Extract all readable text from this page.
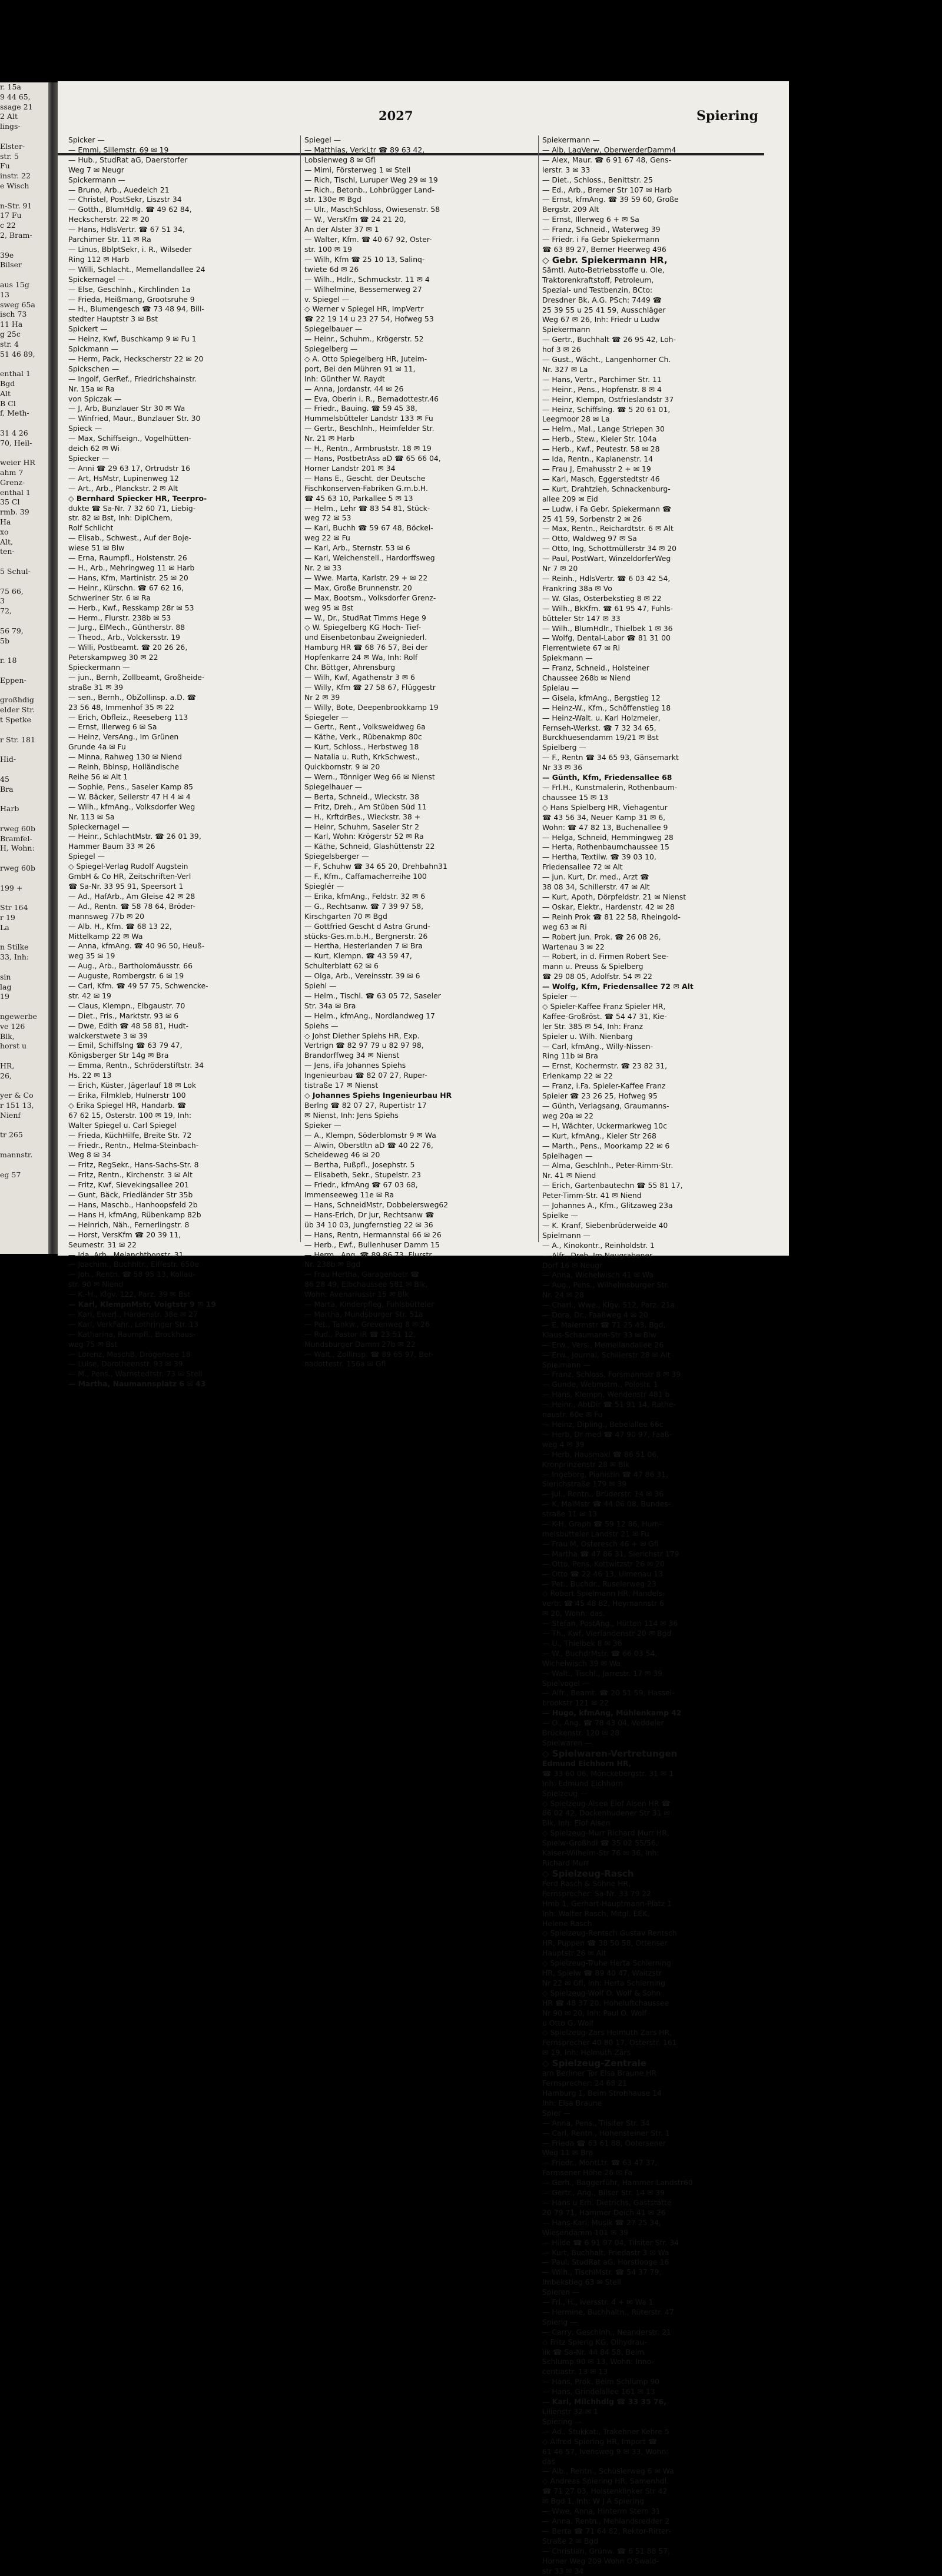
r. 15a
9 44 65,
ssage 21
2 Alt
lings-

Elster-
str. 5
Fu
instr. 22
e Wisch

n-Str. 91
17 Fu
c 22
2, Bram-

39e
Bilser

aus 15g
13
sweg 65a
isch 73
11 Ha
g 25c
str. 4
51 46 89,

enthal 1
Bgd
Alt
B Cl
f, Meth-

31 4 26
70, Heil-

weier HR
ahm 7
Grenz-
enthal 1
35 Cl
rmb. 39
Ha
xo
Alt,
ten-

5 Schul-

75 66,
3
72,

56 79,
5b

r. 18

Eppen-

großhdig
elder Str.
t Spetke

r Str. 181

Hid-

45
Bra

Harb

rweg 60b
Bramfel-
H, Wohn:

rweg 60b

199 +

Str 164
r 19
La

n Stilke
33, Inh:

sin
lag
19

ngewerbe
ve 126
Blk,
horst u

HR,
26,

yer & Co
r 151 13,
Nienf

tr 265

mannstr.

eg 57
2027	Spiering
Spicker —
— Emmi, Sillemstr. 69 ✉ 19
— Hub., StudRat aG, Daerstorfer
Weg 7 ✉ Neugr
Spickermann —
— Bruno, Arb., Auedeich 21
— Christel, PostSekr, Liszstr 34
— Gotth., BlumHdlg. ☎ 49 62 84,
Heckscherstr. 22 ✉ 20
— Hans, HdlsVertr. ☎ 67 51 34,
Parchimer Str. 11 ✉ Ra
— Linus, BblptSekr, i. R., Wilseder
Ring 112 ✉ Harb
— Willi, Schlacht., Memellandallee 24
Spickernagel —
— Else, Geschlnh., Kirchlinden 1a
— Frieda, Heißmang, Grootsruhe 9
— H., Blumengesch ☎ 73 48 94, Bill-
stedter Hauptstr 3 ✉ Bst
Spickert —
— Heinz, Kwf, Buschkamp 9 ✉ Fu 1
Spickmann —
— Herm, Pack, Heckscherstr 22 ✉ 20
Spickschen —
— Ingolf, GerRef., Friedrichshainstr.
Nr. 15a ✉ Ra
von Spiczak —
— J, Arb, Bunzlauer Str 30 ✉ Wa
— Winfried, Maur., Bunzlauer Str. 30
Spieck —
— Max, Schiffseign., Vogelhütten-
deich 62 ✉ Wi
Spiecker —
— Anni ☎ 29 63 17, Ortrudstr 16
— Art, HsMstr, Lupinenweg 12
— Art., Arb., Planckstr. 2 ✉ Alt
◇ Bernhard Spiecker HR, Teerpro-
dukte ☎ Sa-Nr. 7 32 60 71, Liebig-
str. 82 ✉ Bst, Inh: DiplChem,
Rolf Schlicht
— Elisab., Schwest., Auf der Boje-
wiese 51 ✉ Blw
— Erna, Raumpfl., Holstenstr. 26
— H., Arb., Mehringweg 11 ✉ Harb
— Hans, Kfm, Martinistr. 25 ✉ 20
— Heinr., Kürschn. ☎ 67 62 16,
Schweriner Str. 6 ✉ Ra
— Herb., Kwf., Resskamp 28r ✉ 53
— Herm., Flurstr. 238b ✉ 53
— Jurg., ElMech., Güntherstr. 88
— Theod., Arb., Volckersstr. 19
— Willi, Postbeamt. ☎ 20 26 26,
Peterskampweg 30 ✉ 22
Spieckermann —
— jun., Bernh, Zollbeamt, Großheide-
straße 31 ✉ 39
— sen., Bernh., ObZollinsp. a.D. ☎
23 56 48, Immenhof 35 ✉ 22
— Erich, Obfleiz., Reeseberg 113
— Ernst, Illerweg 6 ✉ Sa
— Heinz, VersAng., Im Grünen
Grunde 4a ✉ Fu
— Minna, Rahweg 130 ✉ Niend
— Reinh, Bblnsp, Holländische
Reihe 56 ✉ Alt 1
— Sophie, Pens., Saseler Kamp 85
— W. Bäcker, Seilerstr 47 H 4 ✉ 4
— Wilh., kfmAng., Volksdorfer Weg
Nr. 113 ✉ Sa
Spieckernagel —
— Heinr., SchlachtMstr. ☎ 26 01 39,
Hammer Baum 33 ✉ 26
Spiegel —
◇ Spiegel-Verlag Rudolf Augstein
GmbH & Co HR, Zeitschriften-Verl
☎ Sa-Nr. 33 95 91, Speersort 1
— Ad., HafArb., Am Gleise 42 ✉ 28
— Ad., Rentn. ☎ 58 78 64, Bröder-
mannsweg 77b ✉ 20
— Alb. H., Kfm. ☎ 68 13 22,
Mittelkamp 22 ✉ Wa
— Anna, kfmAng. ☎ 40 96 50, Heuß-
weg 35 ✉ 19
— Aug., Arb., Bartholomäusstr. 66
— Auguste, Rombergstr. 6 ✉ 19
— Carl, Kfm. ☎ 49 57 75, Schwencke-
str. 42 ✉ 19
— Claus, Klempn., Elbgaustr. 70
— Diet., Fris., Marktstr. 93 ✉ 6
— Dwe, Edith ☎ 48 58 81, Hudt-
walckerstwete 3 ✉ 39
— Emil, Schiffslng ☎ 63 79 47,
Königsberger Str 14g ✉ Bra
— Emma, Rentn., Schröderstiftstr. 34
Hs. 22 ✉ 13
— Erich, Küster, Jägerlauf 18 ✉ Lok
— Erika, Filmkleb, Hulnerstr 100
◇ Erika Spiegel HR, Handarb. ☎
67 62 15, Osterstr. 100 ✉ 19, Inh:
Walter Spiegel u. Carl Spiegel
— Frieda, KüchHilfe, Breite Str. 72
— Friedr., Rentn., Helma-Steinbach-
Weg 8 ✉ 34
— Fritz, RegSekr., Hans-Sachs-Str. 8
— Fritz, Rentn., Kirchenstr. 3 ✉ Alt
— Fritz, Kwf, Sievekingsallee 201
— Gunt, Bäck, Friedländer Str 35b
— Hans, Maschb., Hanhoopsfeld 2b
— Hans H, kfmAng, Rübenkamp 82b
— Heinrich, Näh., Fernerlingstr. 8
— Horst, VersKfm ☎ 20 39 11,
Seumestr. 31 ✉ 22
— Ida, Arb., Melanchthonstr. 31
— Joachim., Buchhltr., Eiffestr. 650e
— Joh., Rentn. ☎ 58 95 13, Kollau-
str. 90 ✉ Niend
— K.-H., Klgv. 122, Parz. 39 ✉ Bst
— Karl, KlempnMstr, Voigtstr 9 ✉ 19
— Karl, Ewerl., Hardenstr. 38e ✉ 27
— Karl, VerkFahr., Lothringer Str. 13
— Katharina, Raumpfl., Brockhaus-
weg 75 ✉ Bst
— Lorenz, MaschB, Drögensee 18
— Luise, Dorotheenstr. 93 ✉ 39
— M., Pens., Warnstedtstr. 73 ✉ Stell
— Martha, Naumannsplatz 6 ✉ 43
Spiegel —
— Matthias, VerkLtr ☎ 89 63 42,
Lobsienweg 8 ✉ Gfl
— Mimi, Försterweg 1 ✉ Stell
— Rich, Tischl, Luruper Weg 29 ✉ 19
— Rich., Betonb., Lohbrügger Land-
str. 130e ✉ Bgd
— Ulr., MaschSchloss, Owiesenstr. 58
— W., VersKfm ☎ 24 21 20,
An der Alster 37 ✉ 1
— Walter, Kfm. ☎ 40 67 92, Oster-
str. 100 ✉ 19
— Wilh, Kfm ☎ 25 10 13, Salinq-
twiete 6d ✉ 26
— Wilh., Hdlr., Schmuckstr. 11 ✉ 4
— Wilhelmine, Bessemerweg 27
v. Spiegel —
◇ Werner v Spiegel HR, ImpVertr
☎ 22 19 14 u 23 27 54, Hofweg 53
Spiegelbauer —
— Heinr., Schuhm., Krögerstr. 52
Spiegelberg —
◇ A. Otto Spiegelberg HR, Juteim-
port, Bei den Mühren 91 ✉ 11,
Inh: Günther W. Raydt
— Anna, Jordanstr. 44 ✉ 26
— Eva, Oberin i. R., Bernadottestr.46
— Friedr., Bauing. ☎ 59 45 38,
Hummelsbütteler Landstr 133 ✉ Fu
— Gertr., Beschlnh., Heimfelder Str.
Nr. 21 ✉ Harb
— H., Rentn., Armbruststr. 18 ✉ 19
— Hans, PostbetrAss aD ☎ 65 66 04,
Horner Landstr 201 ✉ 34
— Hans E., Gescht. der Deutsche
Fischkonserven-Fabriken G.m.b.H.
☎ 45 63 10, Parkallee 5 ✉ 13
— Helm., Lehr ☎ 83 54 81, Stück-
weg 72 ✉ 53
— Karl, Buchh ☎ 59 67 48, Böckel-
weg 22 ✉ Fu
— Karl, Arb., Sternstr. 53 ✉ 6
— Karl, Weichenstell., Hardorffsweg
Nr. 2 ✉ 33
— Wwe. Marta, Karlstr. 29 + ✉ 22
— Max, Große Brunnenstr. 20
— Max, Bootsm., Volksdorfer Grenz-
weg 95 ✉ Bst
— W., Dr., StudRat Timms Hege 9
◇ W. Spiegelberg KG Hoch- Tief-
und Eisenbetonbau Zweigniederl.
Hamburg HR ☎ 68 76 57, Bei der
Hopfenkarre 24 ✉ Wa, Inh: Rolf
Chr. Böttger, Ahrensburg
— Wilh, Kwf, Agathenstr 3 ✉ 6
— Willy, Kfm ☎ 27 58 67, Flüggestr
Nr 2 ✉ 39
— Willy, Bote, Deepenbrookkamp 19
Spiegeler —
— Gertr., Rent., Volksweidweg 6a
— Käthe, Verk., Rübenakmp 80c
— Kurt, Schloss., Herbstweg 18
— Natalia u. Ruth, KrkSchwest.,
Quickbornstr. 9 ✉ 20
— Wern., Tönniger Weg 66 ✉ Nienst
Spiegelhauer —
— Berta, Schneid., Wieckstr. 38
— Fritz, Dreh., Am Stüben Süd 11
— H., KrftdrBes., Wieckstr. 38 +
— Heinr, Schuhm, Saseler Str 2
— Karl, Wohn: Krögerstr 52 ✉ Ra
— Käthe, Schneid, Glashüttenstr 22
Spiegelsberger —
— F, Schuhw ☎ 34 65 20, Drehbahn31
— F., Kfm., Caffamacherreihe 100
Spieglér —
— Erika, kfmAng., Feldstr. 32 ✉ 6
— G., Rechtsanw. ☎ 7 39 97 58,
Kirschgarten 70 ✉ Bgd
— Gottfried Gescht d Astra Grund-
stücks-Ges.m.b.H., Bergnerstr. 26
— Hertha, Hesterlanden 7 ✉ Bra
— Kurt, Klempn. ☎ 43 59 47,
Schulterblatt 62 ✉ 6
— Olga, Arb., Vereinsstr. 39 ✉ 6
Spiehl —
— Helm., Tischl. ☎ 63 05 72, Saseler
Str. 34a ✉ Bra
— Helm., kfmAng., Nordlandweg 17
Spiehs —
◇ Johst Diether Spiehs HR, Exp.
Vertrign ☎ 82 97 79 u 82 97 98,
Brandorffweg 34 ✉ Nienst
— Jens, iFa Johannes Spiehs
Ingenieurbau ☎ 82 07 27, Ruper-
tistraße 17 ✉ Nienst
◇ Johannes Spiehs Ingenieurbau HR
Berlng ☎ 82 07 27, Rupertistr 17
✉ Nienst, Inh: Jens Spiehs
Spieker —
— A., Klempn, Söderblomstr 9 ✉ Wa
— Alwin, Oberstltn aD ☎ 40 22 76,
Scheideweg 46 ✉ 20
— Bertha, Fußpfl., Josephstr. 5
— Elisabeth, Sekr., Stupelstr. 23
— Friedr., kfmAng ☎ 67 03 68,
Immenseeweg 11e ✉ Ra
— Hans, SchneidMstr, Dobbelersweg62
— Hans-Erich, Dr jur, Rechtsanw ☎
üb 34 10 03, Jungfernstieg 22 ✉ 36
— Hans, Rentn, Hermannstal 66 ✉ 26
— Herb., Ewf., Bullenhuser Damm 15
— Herm., Ang. ☎ 89 86 73, Flurstr.
Nr. 238b ✉ Bgd
— Frau Hertha, Garagenbetr ☎
86 28 49, Elbchaussee 581 ✉ Blk,
Wohn: Avenariusstr 15 ✉ Blk
— Marta, Kinderpfleg, Fuhlsbütteler
— Martha, Mundsburger Str. 51a
— Pet., Tankw., Grevenweg 8 ✉ 26
— Rud., Pastor iR ☎ 23 51 12,
Mundsburger Damm 27b ✉ 22
— Walt., Zollinsp. ☎ 89 65 97, Ber-
nadottestr. 156a ✉ Gfl
Spiekermann —
— Alb, LagVerw, OberwerderDamm4
— Alex, Maur. ☎ 6 91 67 48, Gens-
lerstr. 3 ✉ 33
— Diet., Schloss., Benittstr. 25
— Ed., Arb., Bremer Str 107 ✉ Harb
— Ernst, kfmAng. ☎ 39 59 60, Große
Bergstr. 209 Alt
— Ernst, Illerweg 6 + ✉ Sa
— Franz, Schneid., Waterweg 39
— Friedr. i Fa Gebr Spiekermann
☎ 63 89 27, Berner Heerweg 496
◇ Gebr. Spiekermann HR,
Sämtl. Auto-Betriebsstoffe u. Ole,
Traktorenkraftstoff, Petroleum,
Spezial- und Testbenzin, BCto:
Dresdner Bk. A.G. PSch: 7449 ☎
25 39 55 u 25 41 59, Ausschläger
Weg 67 ✉ 26, Inh: Friedr u Ludw
Spiekermann
— Gertr., Buchhalt ☎ 26 95 42, Loh-
hof 3 ✉ 26
— Gust., Wächt., Langenhorner Ch.
Nr. 327 ✉ La
— Hans, Vertr., Parchimer Str. 11
— Heinr., Pens., Hopfenstr. 8 ✉ 4
— Heinr, Klempn, Ostfrieslandstr 37
— Heinz, Schiffslng. ☎ 5 20 61 01,
Leegmoor 28 ✉ La
— Helm., Mal., Lange Striepen 30
— Herb., Stew., Kieler Str. 104a
— Herb., Kwf., Peutestr. 58 ✉ 28
— Ida, Rentn., Kaplanenstr. 14
— Frau J, Emahusstr 2 + ✉ 19
— Karl, Masch, Eggerstedtstr 46
— Kurt, Drahtzieh, Schnackenburg-
allee 209 ✉ Eid
— Ludw, i Fa Gebr. Spiekermann ☎
25 41 59, Sorbenstr 2 ✉ 26
— Max, Rentn., Reichardtstr. 6 ✉ Alt
— Otto, Waldweg 97 ✉ Sa
— Otto, Ing, Schottmüllerstr 34 ✉ 20
— Paul, PostWart, WinzeldorferWeg
Nr 7 ✉ 20
— Reinh., HdlsVertr. ☎ 6 03 42 54,
Frankring 38a ✉ Vo
— W. Glas, Osterbekstieg 8 ✉ 22
— Wilh., BkKfm. ☎ 61 95 47, Fuhls-
bütteler Str 147 ✉ 33
— Wilh., BlumHdlr., Thielbek 1 ✉ 36
— Wolfg, Dental-Labor ☎ 81 31 00
Flerrentwiete 67 ✉ Ri
Spiekmann —
— Franz, Schneid., Holsteiner
Chaussee 268b ✉ Niend
Spielau —
— Gisela, kfmAng., Bergstieg 12
— Heinz-W., Kfm., Schöffenstieg 18
— Heinz-Walt. u. Karl Holzmeier,
Fernseh-Werkst. ☎ 7 32 34 65,
Burckhuesendamm 19/21 ✉ Bst
Spielberg —
— F., Rentn ☎ 34 65 93, Gänsemarkt
Nr 33 ✉ 36
— Günth, Kfm, Friedensallee 68
— Frl.H., Kunstmalerin, Rothenbaum-
chaussee 15 ✉ 13
◇ Hans Spielberg HR, Viehagentur
☎ 43 56 34, Neuer Kamp 31 ✉ 6,
Wohn: ☎ 47 82 13, Buchenallee 9
— Helga, Schneid, Hemmingweg 28
— Herta, Rothenbaumchaussee 15
— Hertha, Textilw. ☎ 39 03 10,
Friedensallee 72 ✉ Alt
— jun. Kurt, Dr. med., Arzt ☎
38 08 34, Schillerstr. 47 ✉ Alt
— Kurt, Apoth, Dörpfeldstr. 21 ✉ Nienst
— Oskar, Elektr., Hardenstr. 42 ✉ 28
— Reinh Prok ☎ 81 22 58, Rheingold-
weg 63 ✉ Ri
— Robert jun. Prok. ☎ 26 08 26,
Wartenau 3 ✉ 22
— Robert, in d. Firmen Robert See-
mann u. Preuss & Spielberg
☎ 29 08 05, Adolfstr. 54 ✉ 22
— Wolfg, Kfm, Friedensallee 72 ✉ Alt
Spieler —
◇ Spieler-Kaffee Franz Spieler HR,
Kaffee-Großröst. ☎ 54 47 31, Kie-
ler Str. 385 ✉ 54, Inh: Franz
Spieler u. Wilh. Nienbarg
— Carl, kfmAng., Willy-Nissen-
Ring 11b ✉ Bra
— Ernst, Kochermstr. ☎ 23 82 31,
Erlenkamp 22 ✉ 22
— Franz, i.Fa. Spieler-Kaffee Franz
Spieler ☎ 23 26 25, Hofweg 95
— Günth, Verlagsang, Graumanns-
weg 20a ✉ 22
— H, Wächter, Uckermarkweg 10c
— Kurt, kfmAng., Kieler Str 268
— Marth., Pens., Moorkamp 22 ✉ 6
Spielhagen —
— Alma, Geschlnh., Peter-Rimm-Str.
Nr. 41 ✉ Niend
— Erich, Gartenbautechn ☎ 55 81 17,
Peter-Timm-Str. 41 ✉ Niend
— Johannes A., Kfm., Glitzaweg 23a
Spielke —
— K. Kranf, Siebenbrüderweide 40
Spielmann —
— A., Kinokontr., Reinholdstr. 1
— Alfr., Dreh, Im Neugrabener
Dorf 16 ✉ Neugr
— Anna, Wichelwisch 41 ✉ Wa
— Aug., Pens., Wilhelmsburger Str.
Nr. 24 ✉ 28
— Charl., Wwe., Klgv. 512, Parz. 21a
— Dora, Dr., Faaßweg 4 ✉ 20
— E, Malermstr ☎ 71 25 43, Bgd,
Klaus-Schaumann-Str 33 ✉ Blw
— Erw., Vers., Memellandallee 26
— Erw., Journal, Schillerstr 28 ✉ Alt
Spielmann —
— Franz, Schloss, Forsmannstr 8 ✉ 39
— Gunde, Webmstrn., Polostr. 1
— Hans, Klempn, Wendenstr 481 b
— Heinr., AbtDir ☎ 51 91 14, Rathe-
naustr. 60e ✉ Fu
— Heinz, Dipling., Bebelallee 66c
— Herb, Dr med ☎ 47 90 97, Faaß-
weg 4 ✉ 39
— Herb, Hausmakl ☎ 86 51 06,
Kronprinzenstr 28 ✉ Blk
— Ingeborg, Pianistin ☎ 47 86 31,
Sierichstraße 179 ✉ 39
— Jul., Rentn., Brüderstr. 14 ✉ 36
— K, MalMstr ☎ 44 06 08, Bundes-
straße 11 ✉ 13
— K-H, Graph ☎ 59 12 86, Hum-
melsbütteler Landstr 21 ✉ Fu
— Frau M, Osteresch 46 + ✉ Gfl
— Martha ☎ 47 86 31, Sierichstr 179
— Otto, Pens, Kottwitzstr 26 ✉ 20
— Otto ☎ 22 46 13, Ulmenau 13
— Pet., Buchdr., Ruselerweg 23
◇ Robert Spielmann HR, Handels-
vertr. ☎ 45 48 82, Heymannstr 6
✉ 20, Wohn: das.
— Stefan, PostAng., Hütten 114 ✉ 36
— Th., Kwf, Vierlandenstr 20 ✉ Bgd
— U., Thielbek 8 ✉ 36
— W., BuchdrMstr. ☎ 66 03 54,
Wichelwisch 39 ✉ Wa
— Walt., Tischl., Jarrestr. 17 ✉ 39
Spielvogel —
— Alfr., Beamt. ☎ 20 51 59, Hassel-
brookstr 121 ✉ 22
— Hugo, kfmAng, Mühlenkamp 42
— O., Ang. ☎ 78 43 04, Veddeler
Brückenstr. 120 ✉ 28
Spielwaren —
◇ Spielwaren-Vertretungen
Edmund Eichhorn HR,
☎ 33 60 06, Mönckebergstr. 31 ✉ 1
Inh: Edmund Eichhorn
Spielzeug —
◇ Spielzeug-Alsen Elof Alsen HR ☎
86 02 42, Dockenhudener Str 31 ✉
Blk, Inh: Elof Alsen
◇ Spielzeug-Murr Richard Murr HR,
Spielw-Großhdl ☎ 35 02 55/56,
Kaiser-Wilhelm-Str 76 ✉ 36, Inh:
Richard Murr
◇ Spielzeug-Rasch
Ferd Rasch & Söhne HR,
Fernsprecher: Sa-Nr. 33 79 22
Hmb 1, Gerhart-Hauptmann-Platz 1
Inh: Walter Rasch, Mitgl. EEK,
Helene Rasch
◇ Spielzeug-Rentsch Gustav Rentsch
HR, Puppen ☎ 38 50 58, Ottenser
Hauptstr 26 ✉ Alt
◇ Spielzeug-Truhe Herta Schierning
HR, Spielw ☎ 89 40 47, Waitzstr
Nr 22 ✉ Gfl, Inh: Herta Schierning
◇ Spielzeug-Wolf O. Wolf & Sohn
HR ☎ 48 37 20, Hoheluftchaussee
Nr 90 ✉ 20, Inh: Paul O. Wolf
u Otto G. Wolf
◇ Spielzeug-Zars Helmuth Zars HR,
Fernsprecher 40 80 17, Osterstr. 161
✉ 19, Inh: Helmuth Zars
◇ Spielzeug-Zentrale
am Berliner Tor Elsa Braune HR
Fernsprecher: 24 68 21
Hamburg 1, Beim Strohhause 14
Inh: Elsa Braune
Spier —
— Anna, Pens., Tilsiter Str. 34
— Carl, Rentn., Hohensteiner Str. 1
— Frieda ☎ 63 61 88, Ootersener
Weg 11 ✉ Bra
— Friedr., MontLtr. ☎ 63 47 37,
Farmsener Höhe 26 ✉ Fa
— Gerh., Baggerführ, Hammer Landstr60
— Gertr., Ang., Bilser Str. 14 ✉ 39
— Hans u Erh. Dietrichs, Gaststätte
20 79 71, Hammer Deich 41 ✉ 26
— Hans-Karl, Musik ☎ 27 25 34,
Wiesendamm 101 ✉ 39
— Hilde ☎ 6 91 97 04, Tilsiter Str. 34
— Kurt, Buchhalt, Friedastr 3 ✉ Wa
— Paul, StudRat aG, Horstlooge 16
— Wilh., TischlMstr. ☎ 54 37 79,
Imbekstieg 63 ✉ Stell
Spieren —
— Frl., H., Iversstr. 4 + ✉ Wa 1
— Hermine, Buchhaltn., Rüterstr. 47
Spierig —
— Carry, Geschlnh., Neanderstr. 21
◇ Fritz Spierig KG, Olhydrau-
lik ☎ Sa-Nr. 44 84 58, Beim
Schlump 90 ✉ 13, Wohn: Inno-
centiastr. 13 ✉ 13
— Hans, Prok. Beim Schlump 90
— Hans, Grindelallee 161 ✉ 13
— Karl, Milchhdlg ☎ 33 35 76,
Lilienstr 32 ✉ 1
Spiering —
— Ad., Stukkat., Trakehner Kehre 5
◇ Alfred Spiering HR, Import ☎
61 46 57, Ivensweg 9 ✉ 33, Wohn:
das
— Alb., Rentn., Schüslerweg 6 ✉ Wa
◇ Andreas Spiering HR, Samenhdl.
☎ 71 27 03, Holstenklinker Str 42
✉ Bgd 1, Inh: W J A Spiering
— Wwe, Anna, Hinterm Stern 31
— Anna, Rentn., Mehlandsredder 2
— Berta ☎ 71 64 82, Rektor-Ritter-
Straße 2 ✉ Bgd
— Christian, Grünw. ☎ 6 51 88 57,
Horner Weg 209 Wohn O'Swald-
str 33 ✉ 34
